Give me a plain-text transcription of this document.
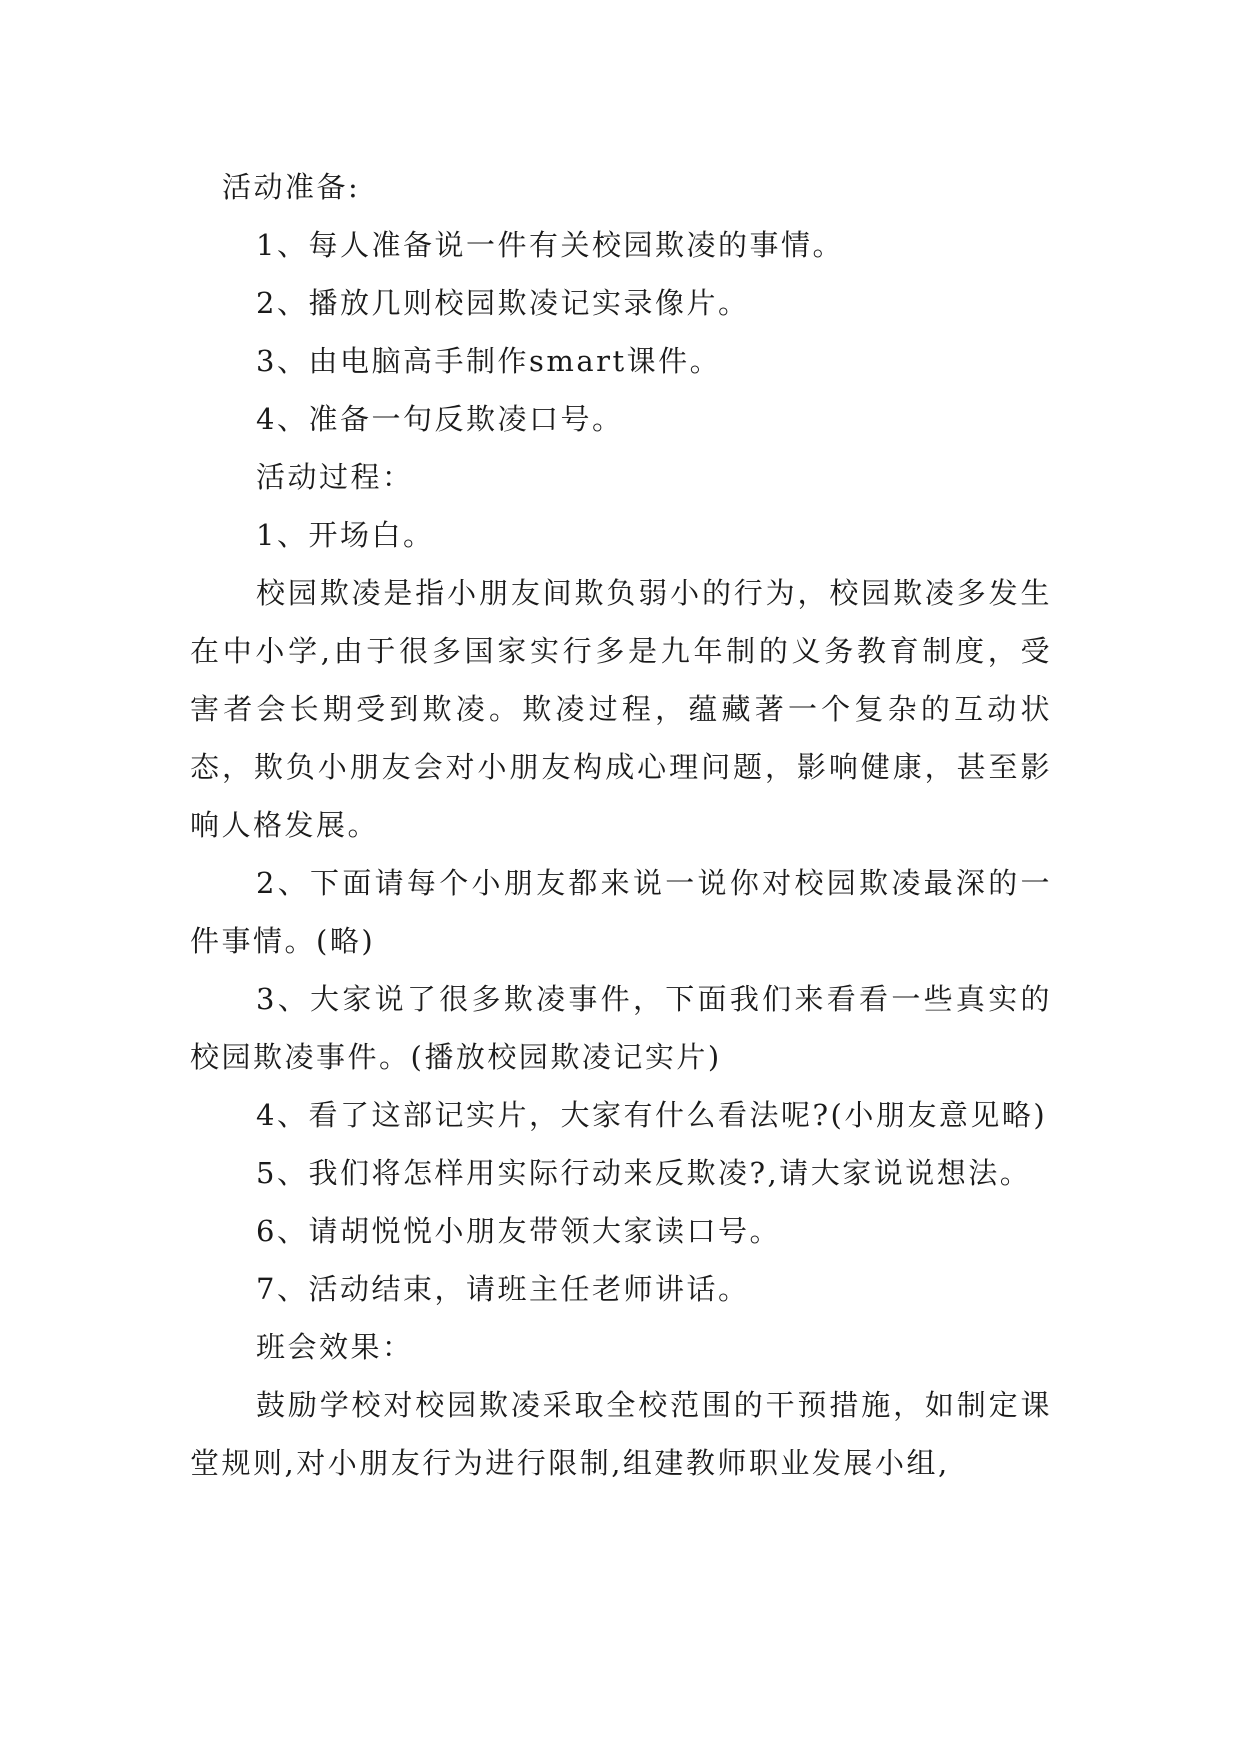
活动准备:

1、每人准备说一件有关校园欺凌的事情。

2、播放几则校园欺凌记实录像片。

3、由电脑高手制作smart课件。

4、准备一句反欺凌口号。

活动过程：

1、开场白。

校园欺凌是指小朋友间欺负弱小的行为，校园欺凌多发生在中小学,由于很多国家实行多是九年制的义务教育制度，受害者会长期受到欺凌。欺凌过程，蕴藏著一个复杂的互动状态，欺负小朋友会对小朋友构成心理问题，影响健康，甚至影响人格发展。

2、下面请每个小朋友都来说一说你对校园欺凌最深的一件事情。(略)

3、大家说了很多欺凌事件，下面我们来看看一些真实的校园欺凌事件。(播放校园欺凌记实片)

4、看了这部记实片，大家有什么看法呢?(小朋友意见略)

5、我们将怎样用实际行动来反欺凌?,请大家说说想法。

6、请胡悦悦小朋友带领大家读口号。

7、活动结束，请班主任老师讲话。

班会效果：

鼓励学校对校园欺凌采取全校范围的干预措施，如制定课堂规则,对小朋友行为进行限制,组建教师职业发展小组,
